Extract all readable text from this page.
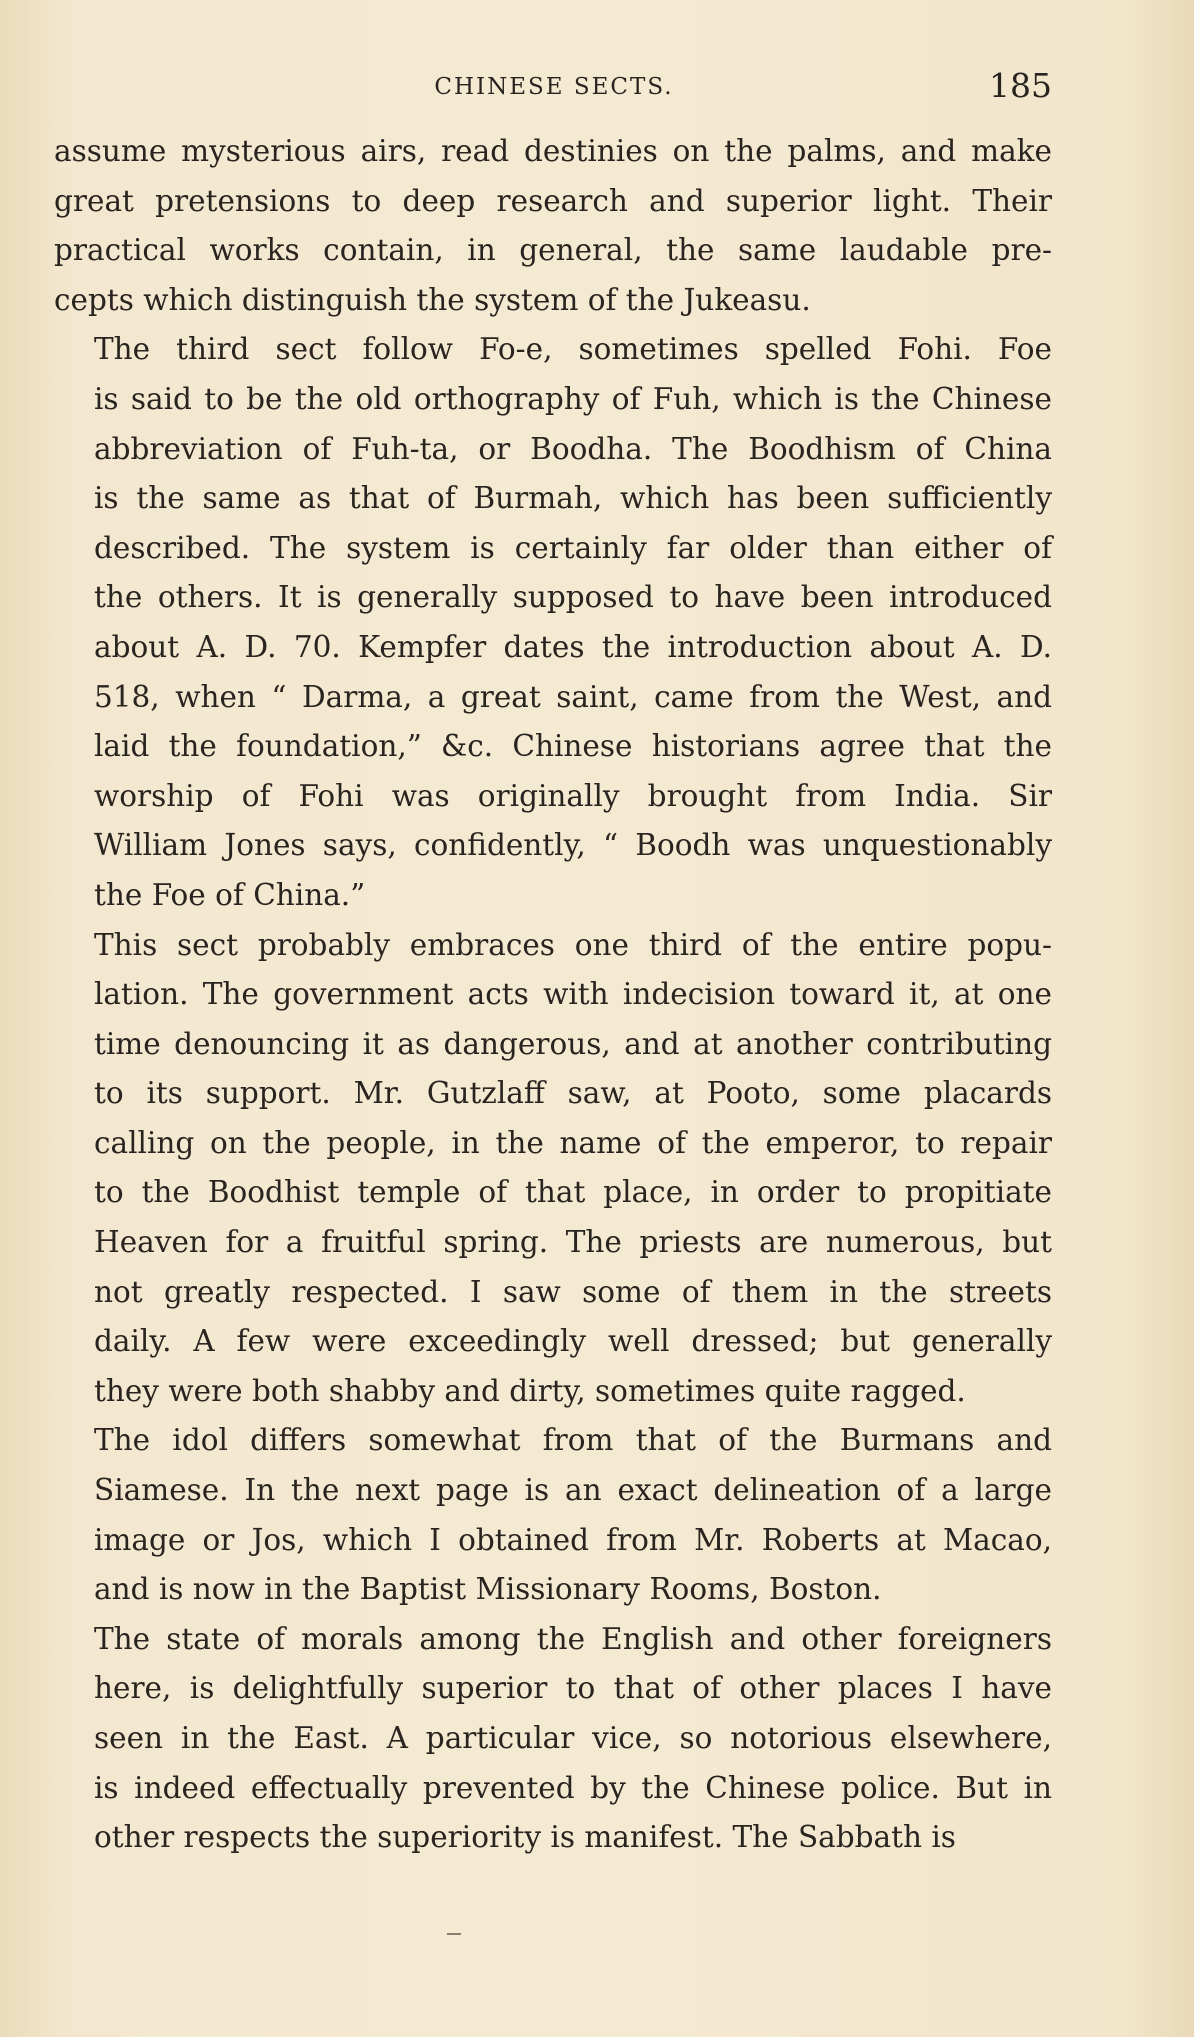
CHINESE SECTS.	185

assume mysterious airs, read destinies on the palms, and make
great pretensions to deep research and superior light. Their
practical works contain, in general, the same laudable pre-
cepts which distinguish the system of the Jukeasu.

The third sect follow Fo-e, sometimes spelled Fohi. Foe
is said to be the old orthography of Fuh, which is the Chinese
abbreviation of Fuh-ta, or Boodha. The Boodhism of China
is the same as that of Burmah, which has been sufficiently
described. The system is certainly far older than either of
the others. It is generally supposed to have been introduced
about A. D. 70. Kempfer dates the introduction about A. D.
518, when “ Darma, a great saint, came from the West, and
laid the foundation,” &c. Chinese historians agree that the
worship of Fohi was originally brought from India. Sir
William Jones says, confidently, “ Boodh was unquestionably
the Foe of China.”

This sect probably embraces one third of the entire popu-
lation. The government acts with indecision toward it, at one
time denouncing it as dangerous, and at another contributing
to its support. Mr. Gutzlaff saw, at Pooto, some placards
calling on the people, in the name of the emperor, to repair
to the Boodhist temple of that place, in order to propitiate
Heaven for a fruitful spring. The priests are numerous, but
not greatly respected. I saw some of them in the streets
daily. A few were exceedingly well dressed; but generally
they were both shabby and dirty, sometimes quite ragged.

The idol differs somewhat from that of the Burmans and
Siamese. In the next page is an exact delineation of a large
image or Jos, which I obtained from Mr. Roberts at Macao,
and is now in the Baptist Missionary Rooms, Boston.

The state of morals among the English and other foreigners
here, is delightfully superior to that of other places I have
seen in the East. A particular vice, so notorious elsewhere,
is indeed effectually prevented by the Chinese police. But in
other respects the superiority is manifest. The Sabbath is
